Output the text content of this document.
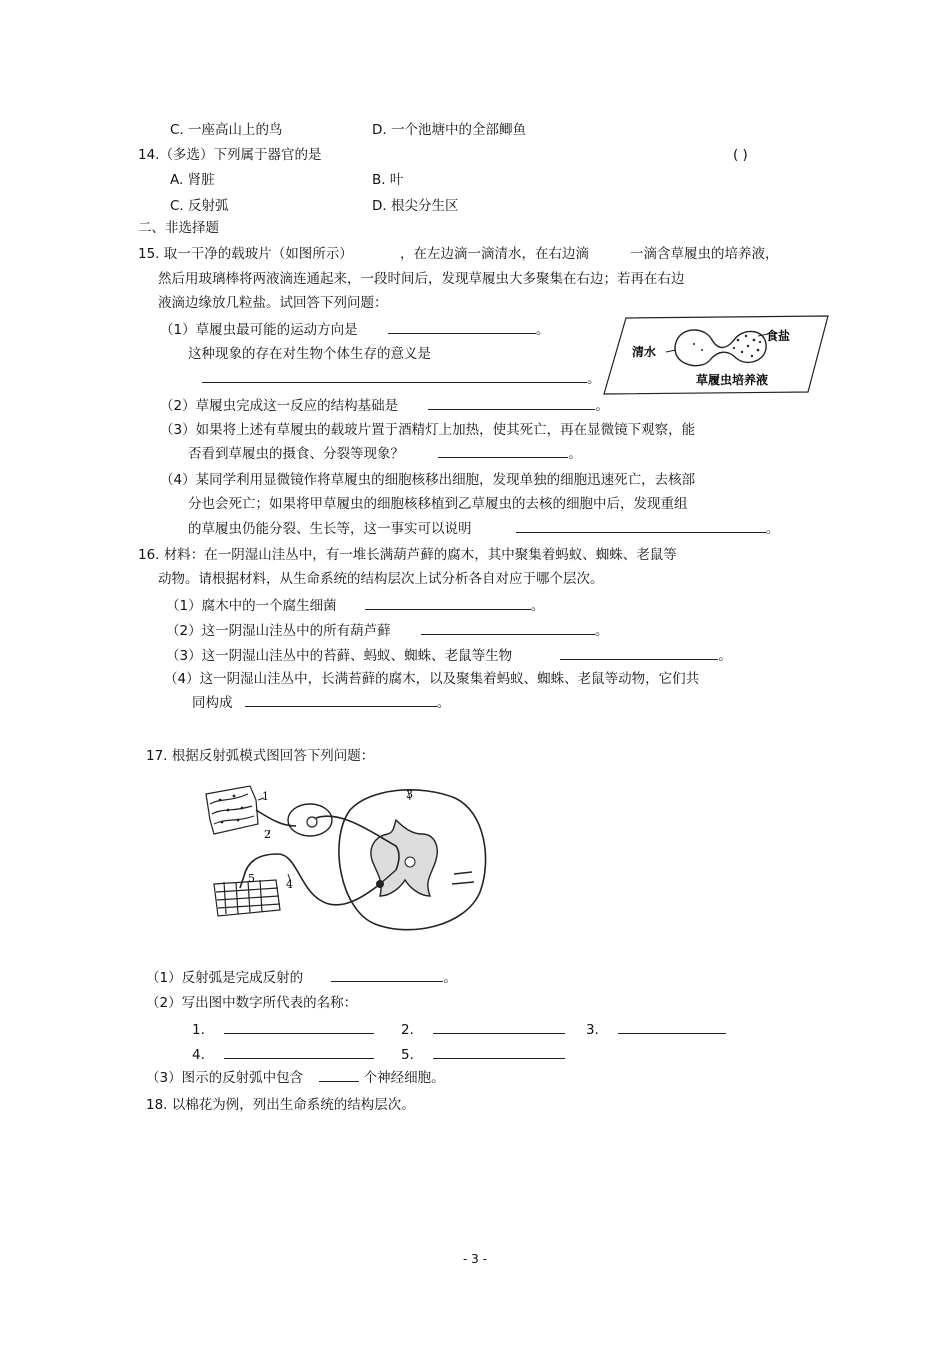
C. 一座高山上的鸟	D. 一个池塘中的全部鲫鱼
14.（多选）下列属于器官的是	( )
A. 肾脏	B. 叶
C. 反射弧	D. 根尖分生区
二、非选择题
15. 取一干净的载玻片（如图所示）	，在左边滴一滴清水，在右边滴	一滴含草履虫的培养液，
然后用玻璃棒将两液滴连通起来，一段时间后，发现草履虫大多聚集在右边；若再在右边
液滴边缘放几粒盐。试回答下列问题：
（1）草履虫最可能的运动方向是	。
这种现象的存在对生物个体生存的意义是
。
（2）草履虫完成这一反应的结构基础是	。
（3）如果将上述有草履虫的载玻片置于酒精灯上加热，使其死亡，再在显微镜下观察，能
否看到草履虫的摄食、分裂等现象？	。
（4）某同学利用显微镜作将草履虫的细胞核移出细胞，发现单独的细胞迅速死亡，去核部
分也会死亡；如果将甲草履虫的细胞核移植到乙草履虫的去核的细胞中后，发现重组
的草履虫仍能分裂、生长等，这一事实可以说明	。
食盐
清水
草履虫培养液
16. 材料：在一阴湿山洼丛中，有一堆长满葫芦藓的腐木，其中聚集着蚂蚁、蜘蛛、老鼠等
动物。请根据材料，从生命系统的结构层次上试分析各自对应于哪个层次。
（1）腐木中的一个腐生细菌	。
（2）这一阴湿山洼丛中的所有葫芦藓	。
（3）这一阴湿山洼丛中的苔藓、蚂蚁、蜘蛛、老鼠等生物	。
（4）这一阴湿山洼丛中，长满苔藓的腐木，以及聚集着蚂蚁、蜘蛛、老鼠等动物，它们共
同构成	。
17. 根据反射弧模式图回答下列问题：
1
2
3
4
5
（1）反射弧是完成反射的	。
（2）写出图中数字所代表的名称：
1．	2．	3．
4．	5．
（3）图示的反射弧中包含	个神经细胞。
18. 以棉花为例，列出生命系统的结构层次。
- 3 -
